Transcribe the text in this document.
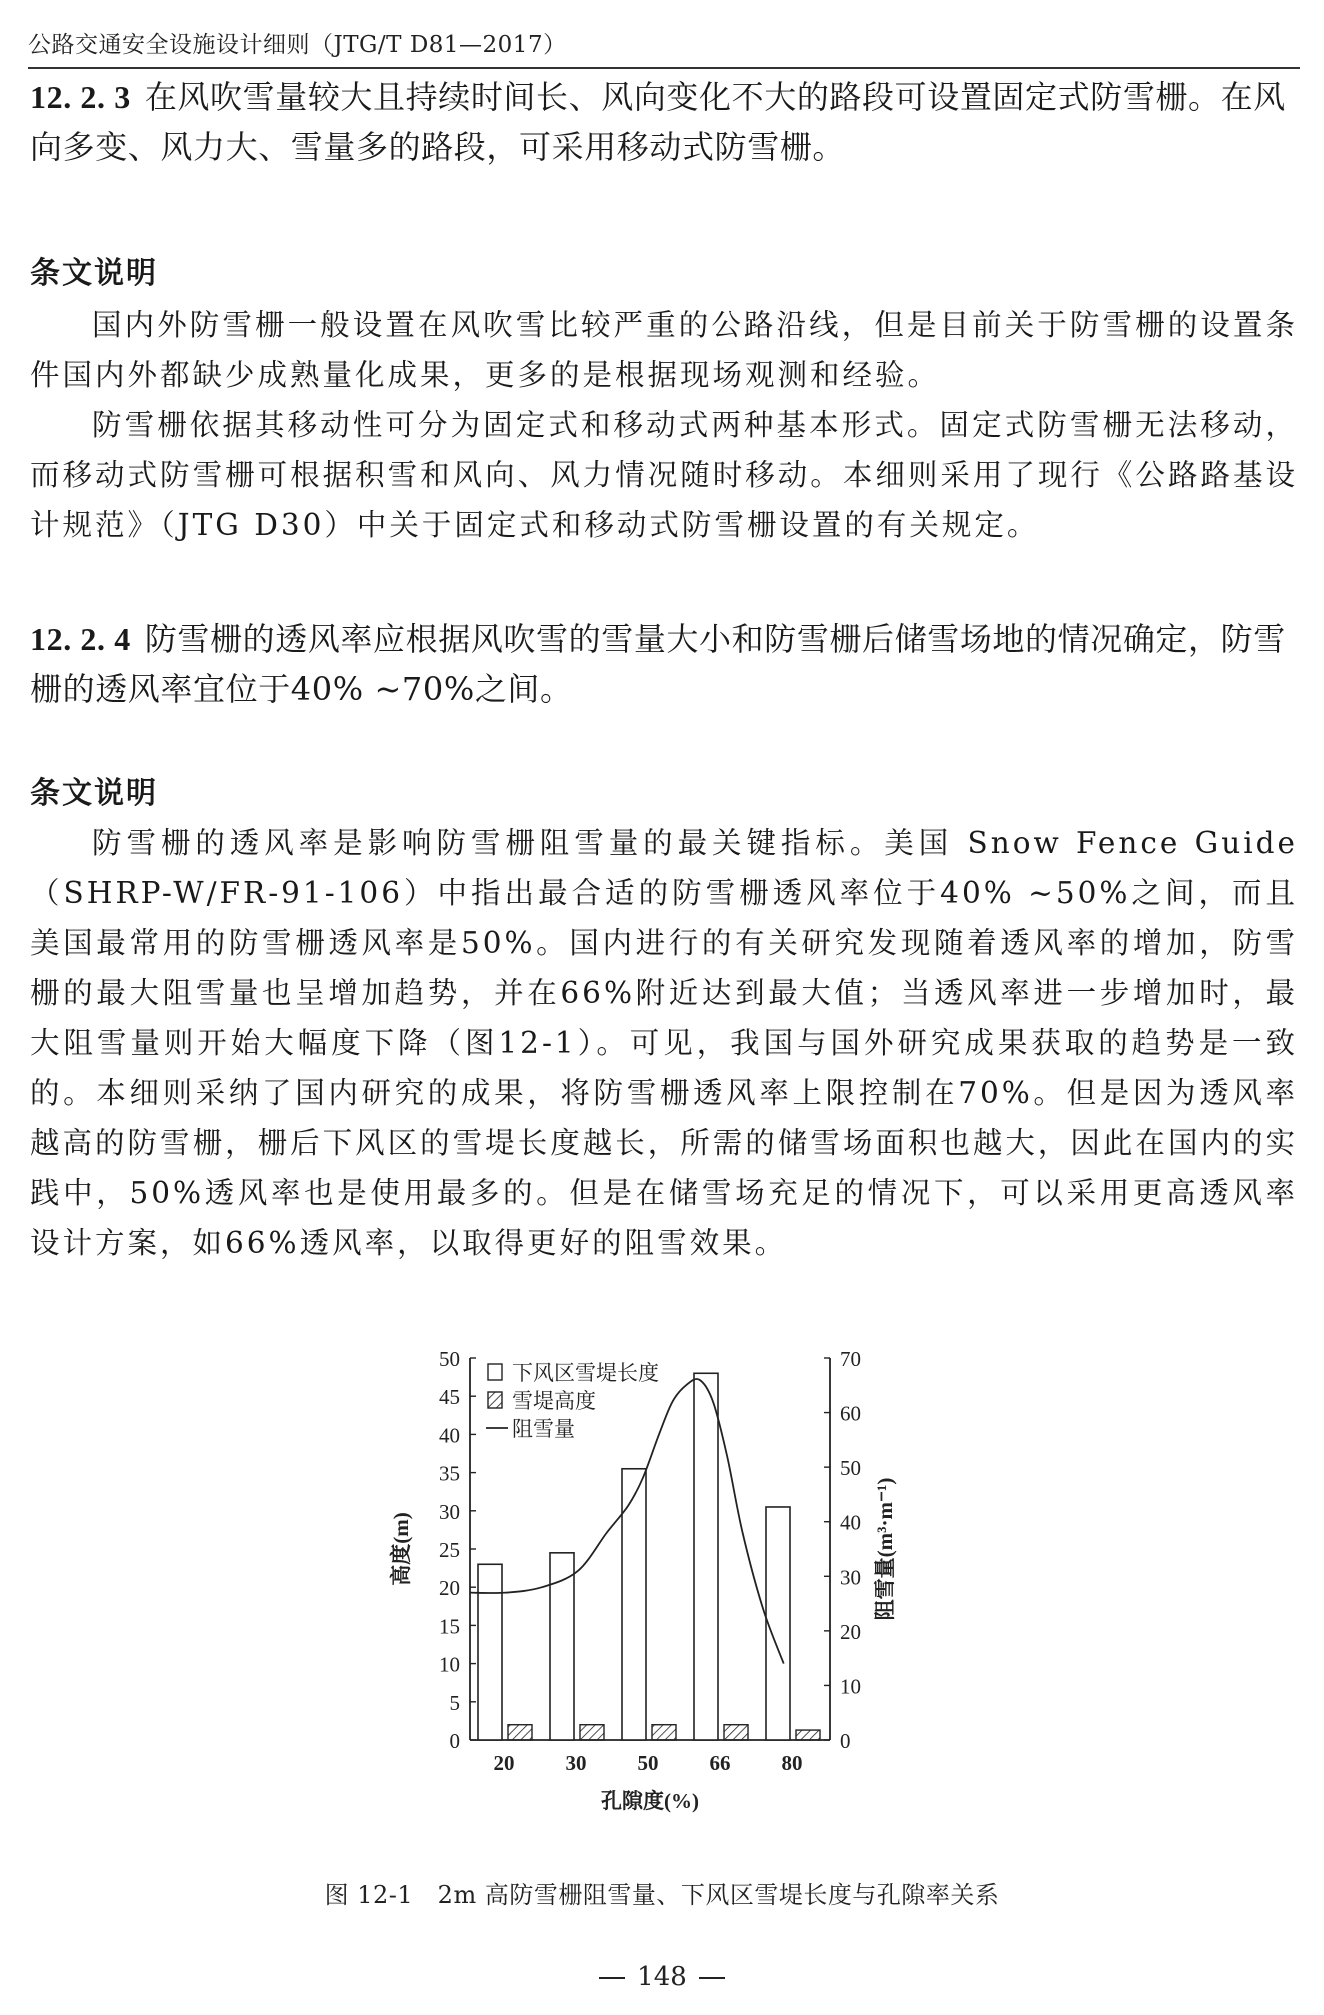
公路交通安全设施设计细则（JTG/T D81—2017）

12. 2. 3 在风吹雪量较大且持续时间长、风向变化不大的路段可设置固定式防雪栅。在风向多变、风力大、雪量多的路段，可采用移动式防雪栅。

条文说明

国内外防雪栅一般设置在风吹雪比较严重的公路沿线，但是目前关于防雪栅的设置条件国内外都缺少成熟量化成果，更多的是根据现场观测和经验。

防雪栅依据其移动性可分为固定式和移动式两种基本形式。固定式防雪栅无法移动，而移动式防雪栅可根据积雪和风向、风力情况随时移动。本细则采用了现行《公路路基设计规范》（JTG D30）中关于固定式和移动式防雪栅设置的有关规定。

12. 2. 4 防雪栅的透风率应根据风吹雪的雪量大小和防雪栅后储雪场地的情况确定，防雪栅的透风率宜位于40% ~70%之间。

条文说明

防雪栅的透风率是影响防雪栅阻雪量的最关键指标。美国 Snow Fence Guide（SHRP-W/FR-91-106）中指出最合适的防雪栅透风率位于40% ~50%之间，而且美国最常用的防雪栅透风率是50%。国内进行的有关研究发现随着透风率的增加，防雪栅的最大阻雪量也呈增加趋势，并在66%附近达到最大值；当透风率进一步增加时，最大阻雪量则开始大幅度下降（图12-1）。可见，我国与国外研究成果获取的趋势是一致的。本细则采纳了国内研究的成果，将防雪栅透风率上限控制在70%。但是因为透风率越高的防雪栅，栅后下风区的雪堤长度越长，所需的储雪场面积也越大，因此在国内的实践中，50%透风率也是使用最多的。但是在储雪场充足的情况下，可以采用更高透风率设计方案，如66%透风率，以取得更好的阻雪效果。

0
5
10
15
20
25
30
35
40
45
50
0
10
20
30
40
50
60
70
20 30 50 66 80
下风区雪堤长度
雪堤高度
阻雪量
孔隙度(%)
高度(m)	阻雪量(m³·m⁻¹)
图 12-1　2m 高防雪栅阻雪量、下风区雪堤长度与孔隙率关系
148
